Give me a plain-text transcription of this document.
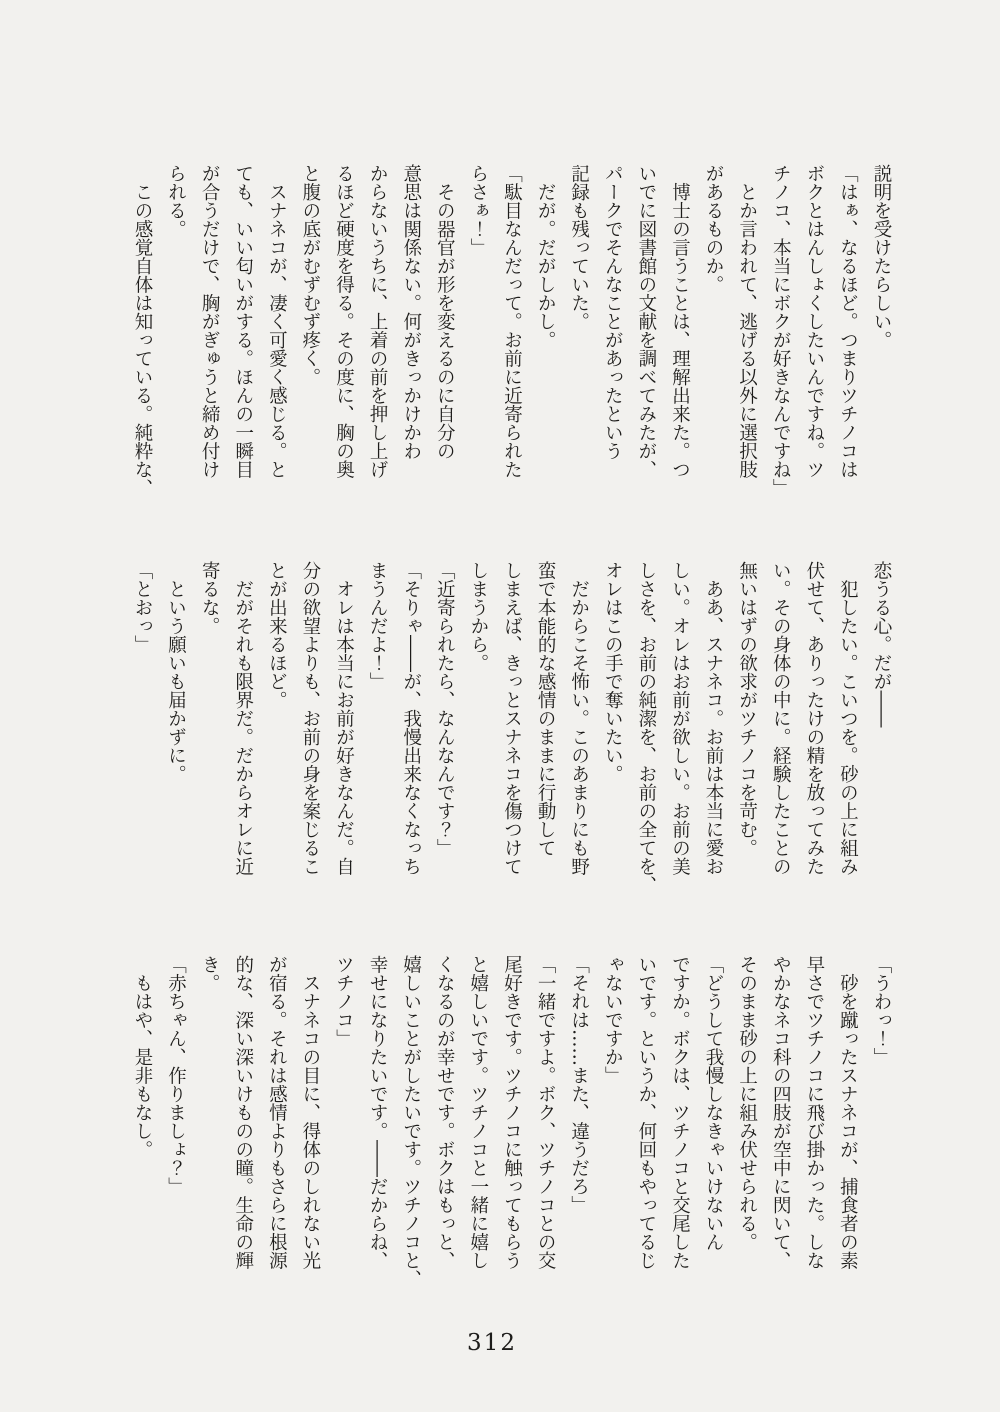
説明を受けたらしい。

「はぁ、なるほど。つまりツチノコは

ボクとはんしょくしたいんですね。ツ

チノコ、本当にボクが好きなんですね」

　とか言われて、逃げる以外に選択肢

があるものか。

　博士の言うことは、理解出来た。つ

いでに図書館の文献を調べてみたが、

パークでそんなことがあったという

記録も残っていた。

　だが。だがしかし。

「駄目なんだって。お前に近寄られた

らさぁ！」

　その器官が形を変えるのに自分の

意思は関係ない。何がきっかけかわ

からないうちに、上着の前を押し上げ

るほど硬度を得る。その度に、胸の奥

と腹の底がむずむず疼く。

　スナネコが、凄く可愛く感じる。と

ても、いい匂いがする。ほんの一瞬目

が合うだけで、胸がぎゅうと締め付け

られる。

　この感覚自体は知っている。純粋な、

恋うる心。だが――

　犯したい。こいつを。砂の上に組み

伏せて、ありったけの精を放ってみた

い。その身体の中に。経験したことの

無いはずの欲求がツチノコを苛む。

　ああ、スナネコ。お前は本当に愛お

しい。オレはお前が欲しい。お前の美

しさを、お前の純潔を、お前の全てを、

オレはこの手で奪いたい。

　だからこそ怖い。このあまりにも野

蛮で本能的な感情のままに行動して

しまえば、きっとスナネコを傷つけて

しまうから。

「近寄られたら、なんなんです？」

「そりゃ――が、我慢出来なくなっち

まうんだよ！」

　オレは本当にお前が好きなんだ。自

分の欲望よりも、お前の身を案じるこ

とが出来るほど。

　だがそれも限界だ。だからオレに近

寄るな。

　という願いも届かずに。

「とおっ」

「うわっ！」

　砂を蹴ったスナネコが、捕食者の素

早さでツチノコに飛び掛かった。しな

やかなネコ科の四肢が空中に閃いて、

そのまま砂の上に組み伏せられる。

「どうして我慢しなきゃいけないん

ですか。ボクは、ツチノコと交尾した

いです。というか、何回もやってるじ

ゃないですか」

「それは……また、違うだろ」

「一緒ですよ。ボク、ツチノコとの交

尾好きです。ツチノコに触ってもらう

と嬉しいです。ツチノコと一緒に嬉し

くなるのが幸せです。ボクはもっと、

嬉しいことがしたいです。ツチノコと、

幸せになりたいです。――だからね、

ツチノコ」

　スナネコの目に、得体のしれない光

が宿る。それは感情よりもさらに根源

的な、深い深いけものの瞳。生命の輝

き。

「赤ちゃん、作りましょ？」

　もはや、是非もなし。

312
